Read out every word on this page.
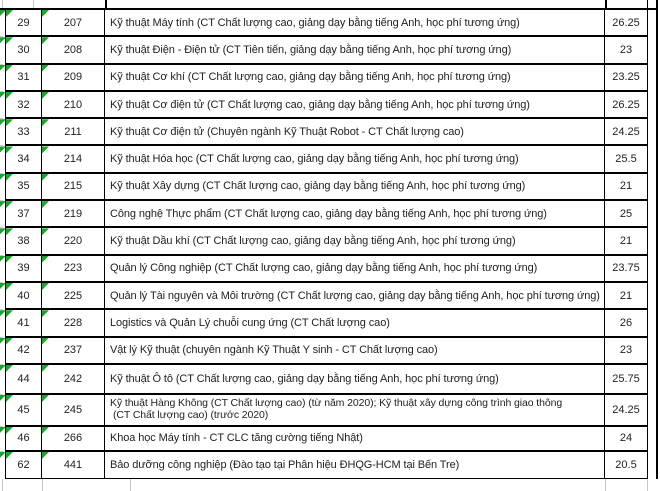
29	207	Kỹ thuật Máy tính (CT Chất lượng cao, giảng dạy bằng tiếng Anh, học phí tương ứng)	26.25
30	208	Kỹ thuật Điện - Điện tử (CT Tiên tiến, giảng dạy bằng tiếng Anh, học phí tương ứng)	23
31	209	Kỹ thuật Cơ khí (CT Chất lượng cao, giảng dạy bằng tiếng Anh, học phí tương ứng)	23.25
32	210	Kỹ thuật Cơ điện tử (CT Chất lượng cao, giảng dạy bằng tiếng Anh, học phí tương ứng)	26.25
33	211	Kỹ thuật Cơ điện tử (Chuyên ngành Kỹ Thuật Robot - CT Chất lượng cao)	24.25
34	214	Kỹ thuật Hóa học (CT Chất lượng cao, giảng dạy bằng tiếng Anh, học phí tương ứng)	25.5
35	215	Kỹ thuật Xây dựng (CT Chất lượng cao, giảng dạy bằng tiếng Anh, học phí tương ứng)	21
37	219	Công nghệ Thực phẩm (CT Chất lượng cao, giảng dạy bằng tiếng Anh, học phí tương ứng)	25
38	220	Kỹ thuật Dầu khí (CT Chất lượng cao, giảng dạy bằng tiếng Anh, học phí tương ứng)	21
39	223	Quản lý Công nghiệp (CT Chất lượng cao, giảng dạy bằng tiếng Anh, học phí tương ứng)	23.75
40	225	Quản lý Tài nguyên và Môi trường (CT Chất lượng cao, giảng dạy bằng tiếng Anh, học phí tương ứng) 21
41	228	Logistics và Quản Lý chuỗi cung ứng (CT Chất lượng cao)	26
42	237	Vật lý Kỹ thuật (chuyên ngành Kỹ Thuật Y sinh - CT Chất lượng cao)	23
44	242	Kỹ thuật Ô tô (CT Chất lượng cao, giảng dạy bằng tiếng Anh, học phí tương ứng)	25.75
45	245
Kỹ thuật Hàng Không (CT Chất lượng cao) (từ năm 2020); Kỹ thuật xây dựng công trình giao thông
(CT Chất lượng cao) (trước 2020)	24.25
46	266	Khoa học Máy tính - CT CLC tăng cường tiếng Nhật)	24
62	441	Bảo dưỡng công nghiệp (Đào tạo tại Phân hiệu ĐHQG-HCM tại Bến Tre)	20.5
